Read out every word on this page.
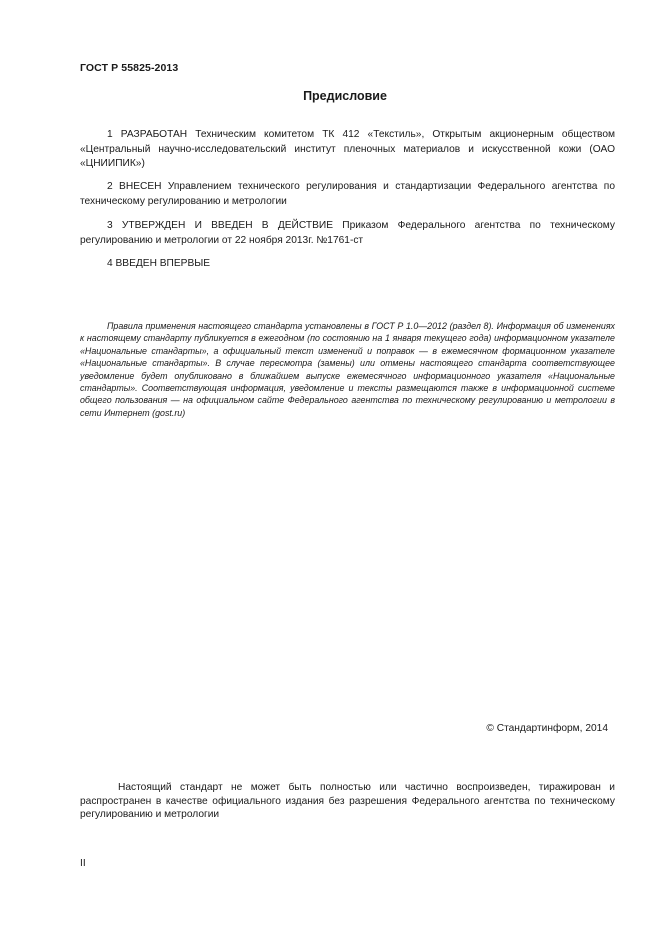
ГОСТ Р 55825-2013
Предисловие

1 РАЗРАБОТАН Техническим комитетом ТК 412 «Текстиль», Открытым акционерным обществом «Центральный научно-исследовательский институт пленочных материалов и искусственной кожи (ОАО «ЦНИИПИК»)

2 ВНЕСЕН Управлением технического регулирования и стандартизации Федерального агентства по техническому регулированию и метрологии

3 УТВЕРЖДЕН И ВВЕДЕН В ДЕЙСТВИЕ Приказом Федерального агентства по техническому регулированию и метрологии от 22 ноября 2013г. №1761-ст

4 ВВЕДЕН ВПЕРВЫЕ

Правила применения настоящего стандарта установлены в ГОСТ Р 1.0—2012 (раздел 8). Информация об изменениях к настоящему стандарту публикуется в ежегодном (по состоянию на 1 января текущего года) информационном указателе «Национальные стандарты», а официальный текст изменений и поправок — в ежемесячном формационном указателе «Национальные стандарты». В случае пересмотра (замены) или отмены настоящего стандарта соответствующее уведомление будет опубликовано в ближайшем выпуске ежемесячного информационного указателя «Национальные стандарты». Соответствующая информация, уведомление и тексты размещаются также в информационной системе общего пользования — на официальном сайте Федерального агентства по техническому регулированию и метрологии в сети Интернет (gost.ru)

© Стандартинформ, 2014

Настоящий стандарт не может быть полностью или частично воспроизведен, тиражирован и распространен в качестве официального издания без разрешения Федерального агентства по техническому регулированию и метрологии

II
